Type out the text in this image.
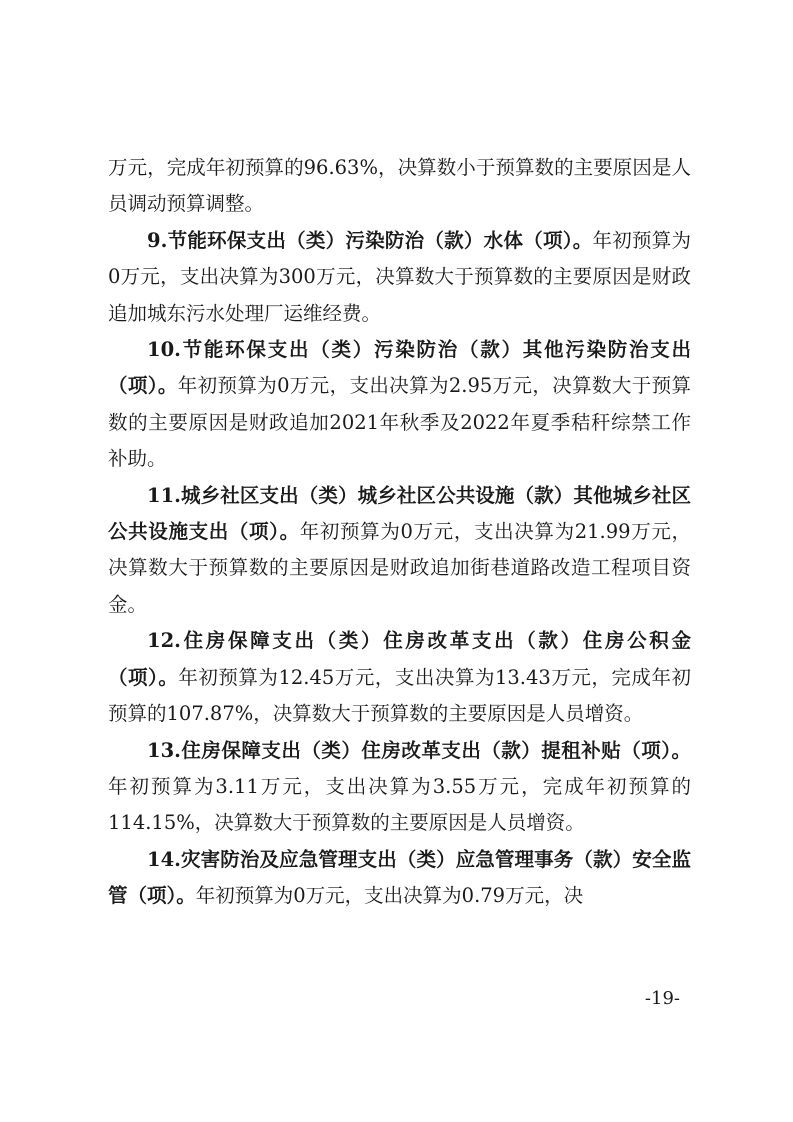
万元，完成年初预算的96.63%，决算数小于预算数的主要原因是人员调动预算调整。

9.节能环保支出（类）污染防治（款）水体（项）。年初预算为0万元，支出决算为300万元，决算数大于预算数的主要原因是财政追加城东污水处理厂运维经费。

10.节能环保支出（类）污染防治（款）其他污染防治支出（项）。年初预算为0万元，支出决算为2.95万元，决算数大于预算数的主要原因是财政追加2021年秋季及2022年夏季秸秆综禁工作补助。

11.城乡社区支出（类）城乡社区公共设施（款）其他城乡社区公共设施支出（项）。年初预算为0万元，支出决算为21.99万元，决算数大于预算数的主要原因是财政追加街巷道路改造工程项目资金。

12.住房保障支出（类）住房改革支出（款）住房公积金（项）。年初预算为12.45万元，支出决算为13.43万元，完成年初预算的107.87%，决算数大于预算数的主要原因是人员增资。

13.住房保障支出（类）住房改革支出（款）提租补贴（项）。年初预算为3.11万元，支出决算为3.55万元，完成年初预算的114.15%，决算数大于预算数的主要原因是人员增资。

14.灾害防治及应急管理支出（类）应急管理事务（款）安全监管（项）。年初预算为0万元，支出决算为0.79万元，决

-19-
